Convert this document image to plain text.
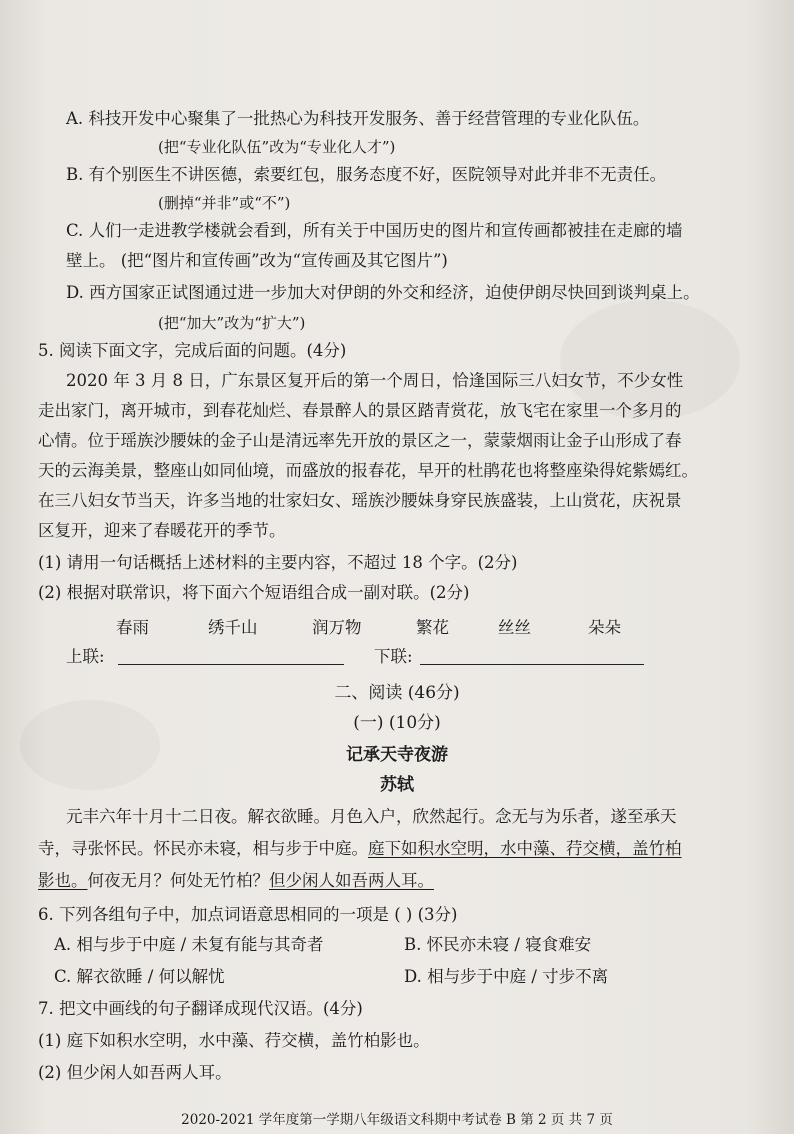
A. 科技开发中心聚集了一批热心为科技开发服务、善于经营管理的专业化队伍。
(把“专业化队伍”改为“专业化人才”)
B. 有个别医生不讲医德，索要红包，服务态度不好，医院领导对此并非不无责任。
(删掉“并非”或“不”)
C. 人们一走进教学楼就会看到，所有关于中国历史的图片和宣传画都被挂在走廊的墙
壁上。 (把“图片和宣传画”改为“宣传画及其它图片”)
D. 西方国家正试图通过进一步加大对伊朗的外交和经济，迫使伊朗尽快回到谈判桌上。
(把“加大”改为“扩大”)
5. 阅读下面文字，完成后面的问题。(4分)
2020 年 3 月 8 日，广东景区复开后的第一个周日，恰逢国际三八妇女节，不少女性
走出家门，离开城市，到春花灿烂、春景醉人的景区踏青赏花，放飞宅在家里一个多月的
心情。位于瑶族沙腰妹的金子山是清远率先开放的景区之一，蒙蒙烟雨让金子山形成了春
天的云海美景，整座山如同仙境，而盛放的报春花，早开的杜鹃花也将整座染得姹紫嫣红。
在三八妇女节当天，许多当地的壮家妇女、瑶族沙腰妹身穿民族盛装，上山赏花，庆祝景
区复开，迎来了春暖花开的季节。
(1) 请用一句话概括上述材料的主要内容，不超过 18 个字。(2分)
(2) 根据对联常识，将下面六个短语组合成一副对联。(2分)
春雨	绣千山	润万物	繁花	丝丝	朵朵
上联:	下联:
二、阅读 (46分)
(一) (10分)
记承天寺夜游
苏轼
元丰六年十月十二日夜。解衣欲睡。月色入户，欣然起行。念无与为乐者，遂至承天
寺，寻张怀民。怀民亦未寝，相与步于中庭。庭下如积水空明，水中藻、荇交横，盖竹柏
影也。何夜无月？何处无竹柏？但少闲人如吾两人耳。
6. 下列各组句子中，加点词语意思相同的一项是 ( ) (3分)
A. 相与步于中庭 / 未复有能与其奇者	B. 怀民亦未寝 / 寝食难安
C. 解衣欲睡 / 何以解忧	D. 相与步于中庭 / 寸步不离
7. 把文中画线的句子翻译成现代汉语。(4分)
(1) 庭下如积水空明，水中藻、荇交横，盖竹柏影也。
(2) 但少闲人如吾两人耳。
2020-2021 学年度第一学期八年级语文科期中考试卷 B 第 2 页 共 7 页
